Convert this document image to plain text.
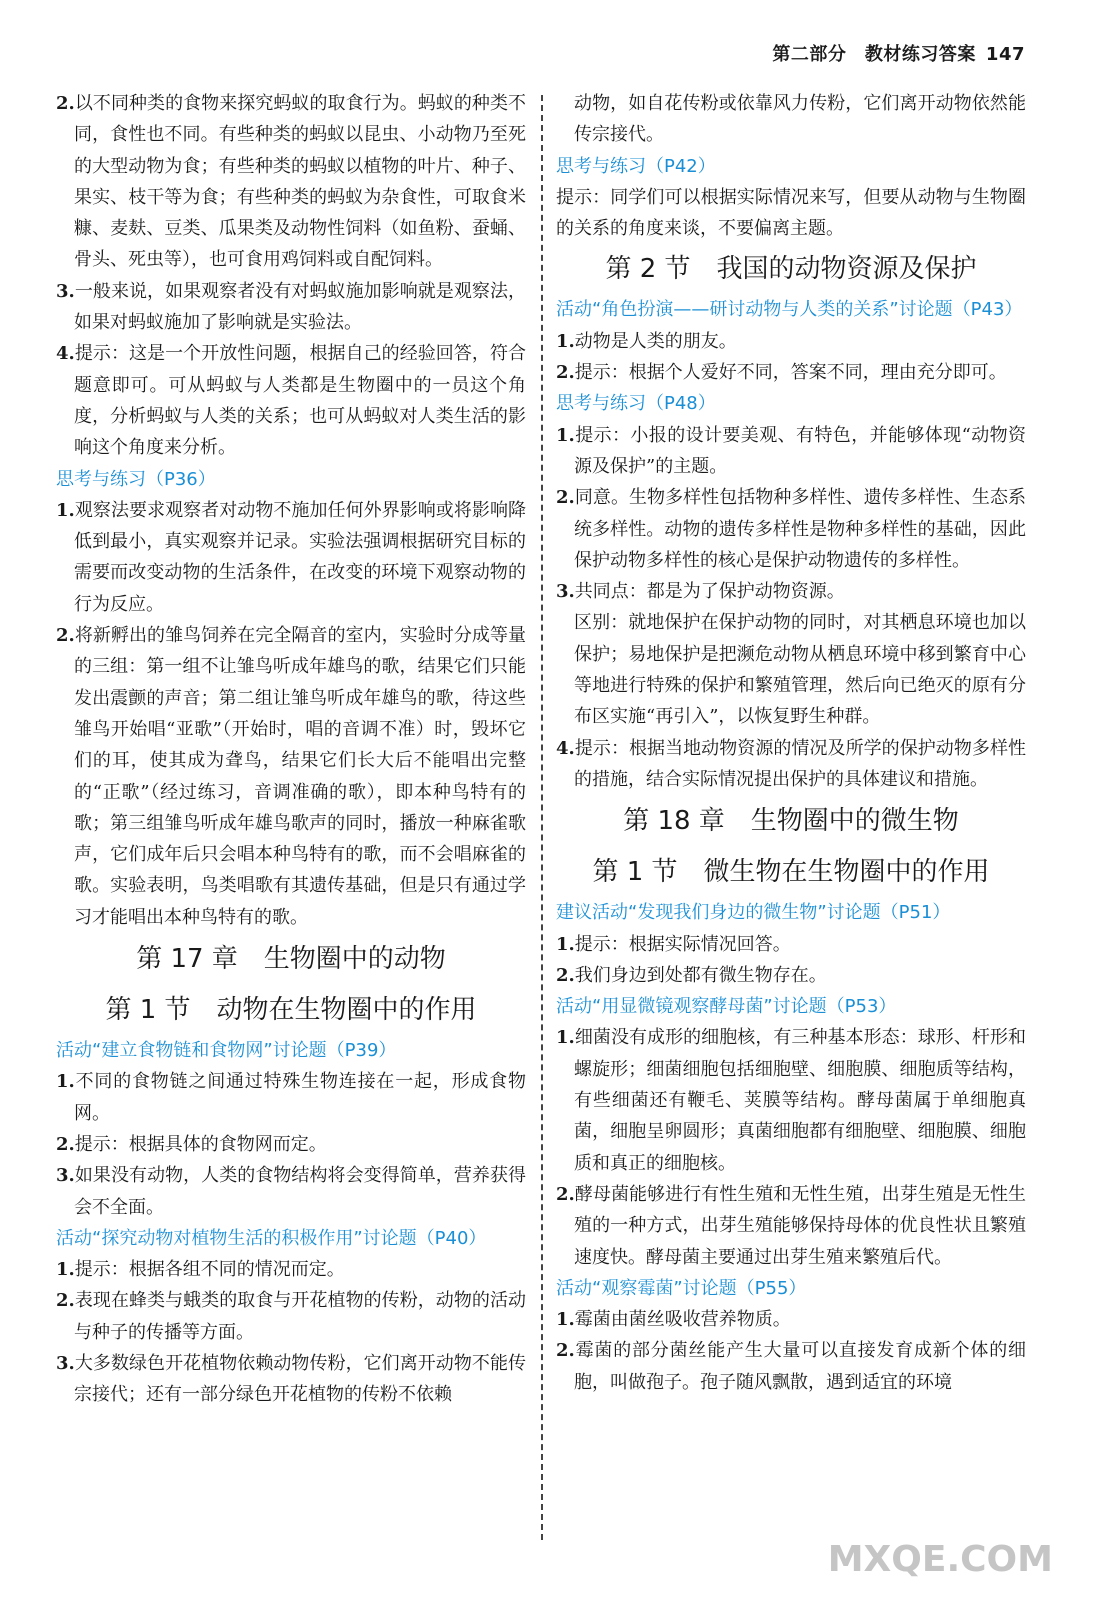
第二部分　教材练习答案 147

2.以不同种类的食物来探究蚂蚁的取食行为。蚂蚁的种类不同，食性也不同。有些种类的蚂蚁以昆虫、小动物乃至死的大型动物为食；有些种类的蚂蚁以植物的叶片、种子、果实、枝干等为食；有些种类的蚂蚁为杂食性，可取食米糠、麦麸、豆类、瓜果类及动物性饲料（如鱼粉、蚕蛹、骨头、死虫等），也可食用鸡饲料或自配饲料。

3.一般来说，如果观察者没有对蚂蚁施加影响就是观察法，如果对蚂蚁施加了影响就是实验法。

4.提示：这是一个开放性问题，根据自己的经验回答，符合题意即可。可从蚂蚁与人类都是生物圈中的一员这个角度，分析蚂蚁与人类的关系；也可从蚂蚁对人类生活的影响这个角度来分析。

思考与练习（P36）

1.观察法要求观察者对动物不施加任何外界影响或将影响降低到最小，真实观察并记录。实验法强调根据研究目标的需要而改变动物的生活条件，在改变的环境下观察动物的行为反应。

2.将新孵出的雏鸟饲养在完全隔音的室内，实验时分成等量的三组：第一组不让雏鸟听成年雄鸟的歌，结果它们只能发出震颤的声音；第二组让雏鸟听成年雄鸟的歌，待这些雏鸟开始唱“亚歌”（开始时，唱的音调不准）时，毁坏它们的耳，使其成为聋鸟，结果它们长大后不能唱出完整的“正歌”（经过练习，音调准确的歌），即本种鸟特有的歌；第三组雏鸟听成年雄鸟歌声的同时，播放一种麻雀歌声，它们成年后只会唱本种鸟特有的歌，而不会唱麻雀的歌。实验表明，鸟类唱歌有其遗传基础，但是只有通过学习才能唱出本种鸟特有的歌。

第 17 章　生物圈中的动物

第 1 节　动物在生物圈中的作用

活动“建立食物链和食物网”讨论题（P39）

1.不同的食物链之间通过特殊生物连接在一起，形成食物网。

2.提示：根据具体的食物网而定。

3.如果没有动物，人类的食物结构将会变得简单，营养获得会不全面。

活动“探究动物对植物生活的积极作用”讨论题（P40）

1.提示：根据各组不同的情况而定。

2.表现在蜂类与蛾类的取食与开花植物的传粉，动物的活动与种子的传播等方面。

3.大多数绿色开花植物依赖动物传粉，它们离开动物不能传宗接代；还有一部分绿色开花植物的传粉不依赖

动物，如自花传粉或依靠风力传粉，它们离开动物依然能传宗接代。

思考与练习（P42）

提示：同学们可以根据实际情况来写，但要从动物与生物圈的关系的角度来谈，不要偏离主题。

第 2 节　我国的动物资源及保护

活动“角色扮演——研讨动物与人类的关系”讨论题（P43）

1.动物是人类的朋友。

2.提示：根据个人爱好不同，答案不同，理由充分即可。

思考与练习（P48）

1.提示：小报的设计要美观、有特色，并能够体现“动物资源及保护”的主题。

2.同意。生物多样性包括物种多样性、遗传多样性、生态系统多样性。动物的遗传多样性是物种多样性的基础，因此保护动物多样性的核心是保护动物遗传的多样性。

3.共同点：都是为了保护动物资源。

区别：就地保护在保护动物的同时，对其栖息环境也加以保护；易地保护是把濒危动物从栖息环境中移到繁育中心等地进行特殊的保护和繁殖管理，然后向已绝灭的原有分布区实施“再引入”，以恢复野生种群。

4.提示：根据当地动物资源的情况及所学的保护动物多样性的措施，结合实际情况提出保护的具体建议和措施。

第 18 章　生物圈中的微生物

第 1 节　微生物在生物圈中的作用

建议活动“发现我们身边的微生物”讨论题（P51）

1.提示：根据实际情况回答。

2.我们身边到处都有微生物存在。

活动“用显微镜观察酵母菌”讨论题（P53）

1.细菌没有成形的细胞核，有三种基本形态：球形、杆形和螺旋形；细菌细胞包括细胞壁、细胞膜、细胞质等结构，有些细菌还有鞭毛、荚膜等结构。酵母菌属于单细胞真菌，细胞呈卵圆形；真菌细胞都有细胞壁、细胞膜、细胞质和真正的细胞核。

2.酵母菌能够进行有性生殖和无性生殖，出芽生殖是无性生殖的一种方式，出芽生殖能够保持母体的优良性状且繁殖速度快。酵母菌主要通过出芽生殖来繁殖后代。

活动“观察霉菌”讨论题（P55）

1.霉菌由菌丝吸收营养物质。

2.霉菌的部分菌丝能产生大量可以直接发育成新个体的细胞，叫做孢子。孢子随风飘散，遇到适宜的环境

MXQE.COM
